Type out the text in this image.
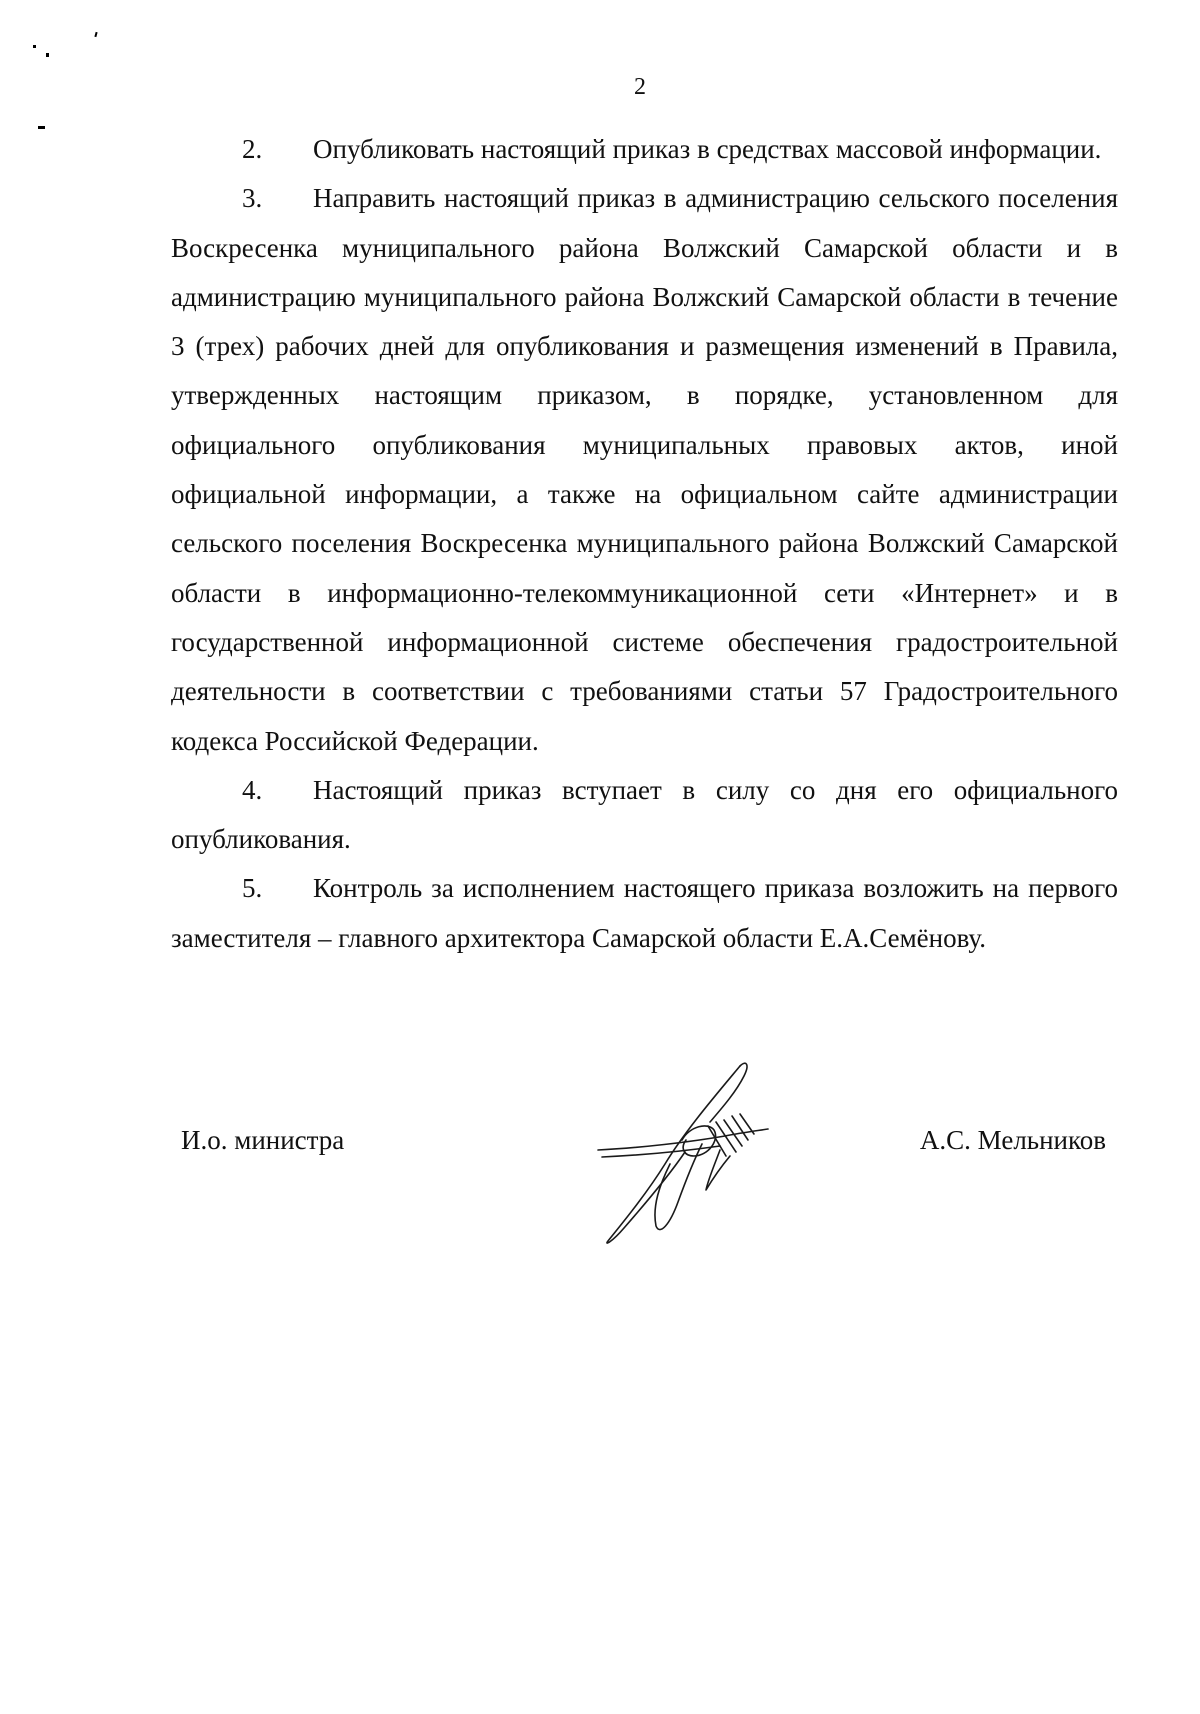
2

2. Опубликовать настоящий приказ в средствах массовой информации.

3. Направить настоящий приказ в администрацию сельского поселения Воскресенка муниципального района Волжский Самарской области и в администрацию муниципального района Волжский Самарской области в течение 3 (трех) рабочих дней для опубликования и размещения изменений в Правила, утвержденных настоящим приказом, в порядке, установленном для официального опубликования муниципальных правовых актов, иной официальной информации, а также на официальном сайте администрации сельского поселения Воскресенка муниципального района Волжский Самарской области в информационно-телекоммуникационной сети «Интернет» и в государственной информационной системе обеспечения градостроительной деятельности в соответствии с требованиями статьи 57 Градостроительного кодекса Российской Федерации.

4. Настоящий приказ вступает в силу со дня его официального опубликования.

5. Контроль за исполнением настоящего приказа возложить на первого заместителя – главного архитектора Самарской области Е.А.Семёнову.

И.о. министра	А.С. Мельников
